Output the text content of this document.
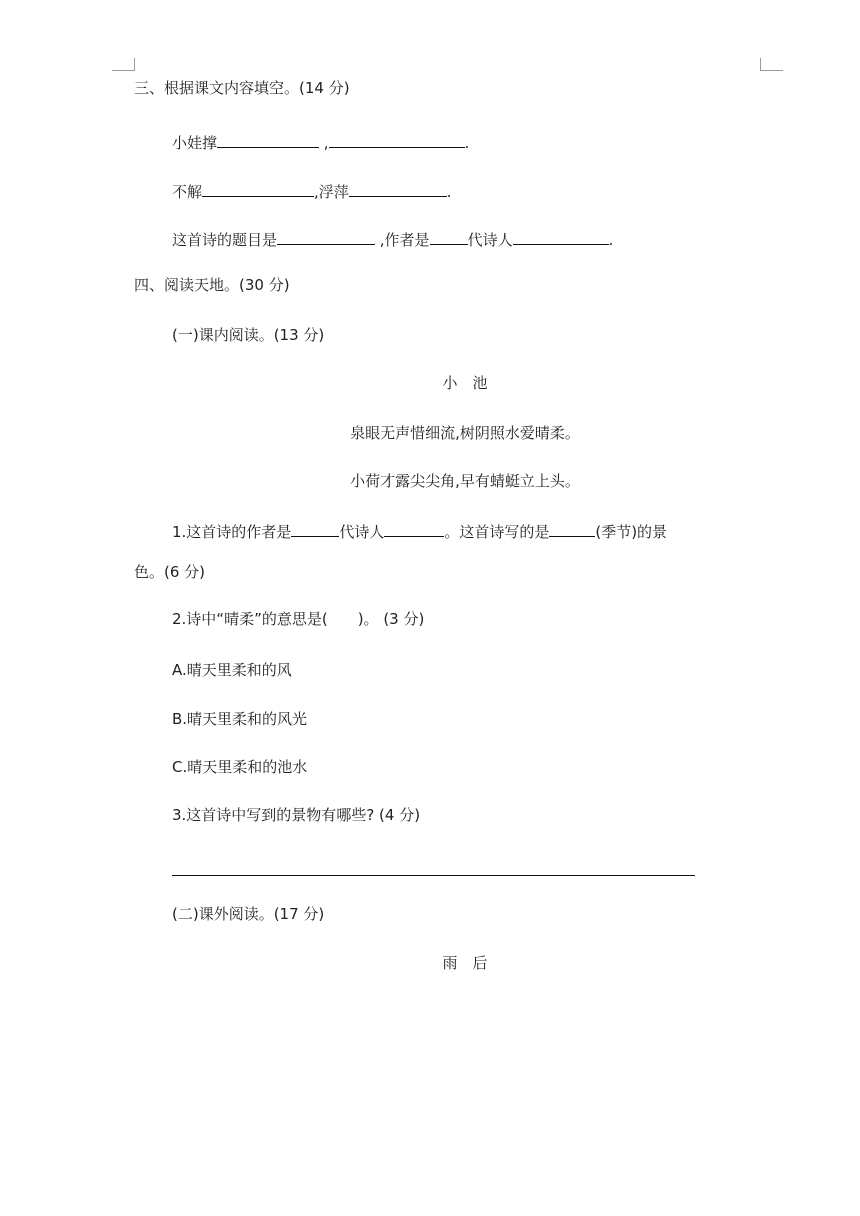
三、根据课文内容填空。(14 分)
小娃撑	,	.
不解	,浮萍	.
这首诗的题目是	,作者是	代诗人	.
四、阅读天地。(30 分)
(一)课内阅读。(13 分)
小　池
泉眼无声惜细流,树阴照水爱晴柔。
小荷才露尖尖角,早有蜻蜓立上头。
1.这首诗的作者是	代诗人	。这首诗写的是	(季节)的景
色。(6 分)
2.诗中“晴柔”的意思是(　　)。 (3 分)
A.晴天里柔和的风
B.晴天里柔和的风光
C.晴天里柔和的池水
3.这首诗中写到的景物有哪些? (4 分)
(二)课外阅读。(17 分)
雨　后
